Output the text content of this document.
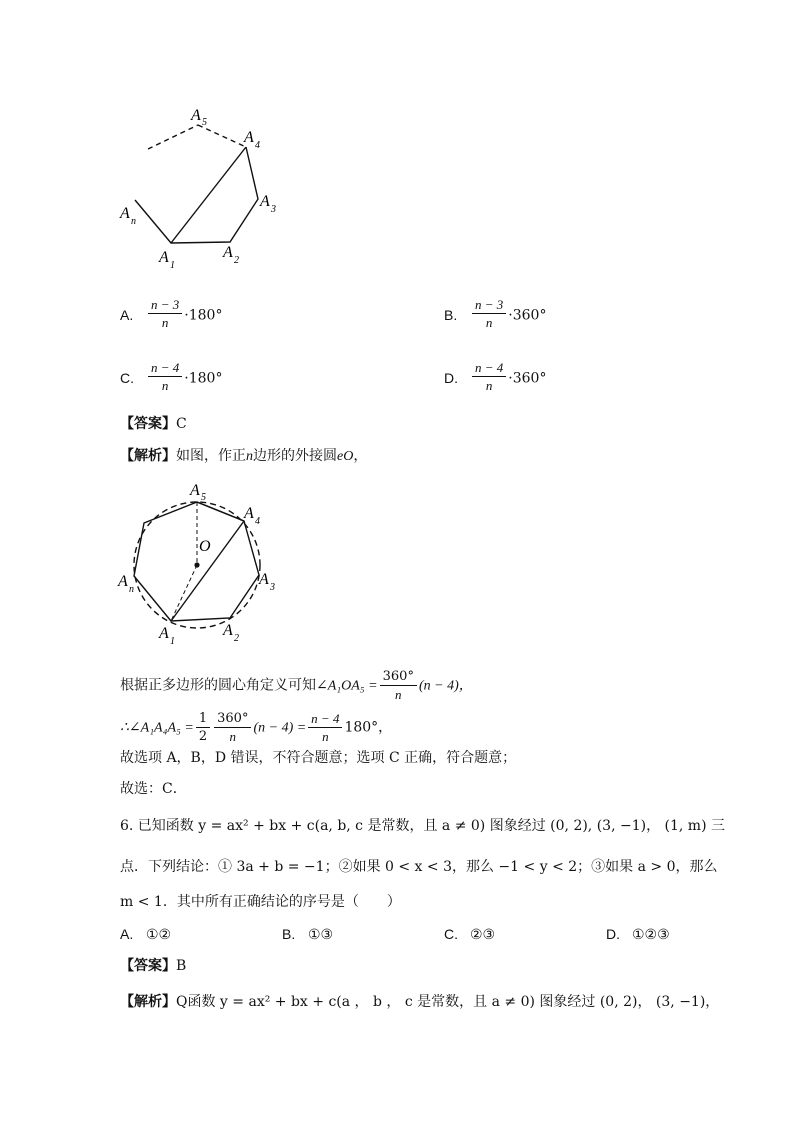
A 5
A 4
A 3
A n
A 1
A 2
A. $\frac{n - 3}{n} \cdot 180^\circ$	B. $\frac{n - 3}{n} \cdot 360^\circ$
C. $\frac{n - 4}{n} \cdot 180^\circ$	D. $\frac{n - 4}{n} \cdot 360^\circ$
【答案】C
【解析】如图，作正n边形的外接圆eO，
O
A 5
A 4
A 3
A n
A 1
A 2
根据正多边形的圆心角定义可知∠A₁OA₅ = $\frac{360^\circ}{n} (n - 4)$，
∴∠A₁A₄A₅ = $\frac{1}{2} \frac{360^\circ}{n} (n - 4) = \frac{n - 4}{n} 180^\circ$，
故选项 A，B，D 错误，不符合题意；选项 C 正确，符合题意；
故选：C．
6. 已知函数 y = ax² + bx + c(a, b, c 是常数，且 a ≠ 0) 图象经过 (0, 2), (3, −1)， (1, m) 三
点．下列结论：① 3a + b = −1；②如果 0 < x < 3，那么 −1 < y < 2；③如果 a > 0，那么
m < 1．其中所有正确结论的序号是（　　）
A. ①②	B. ①③	C. ②③	D. ①②③
【答案】B
【解析】Q函数 y = ax² + bx + c(a ， b ， c 是常数，且 a ≠ 0) 图象经过 (0, 2)， (3, −1)，
